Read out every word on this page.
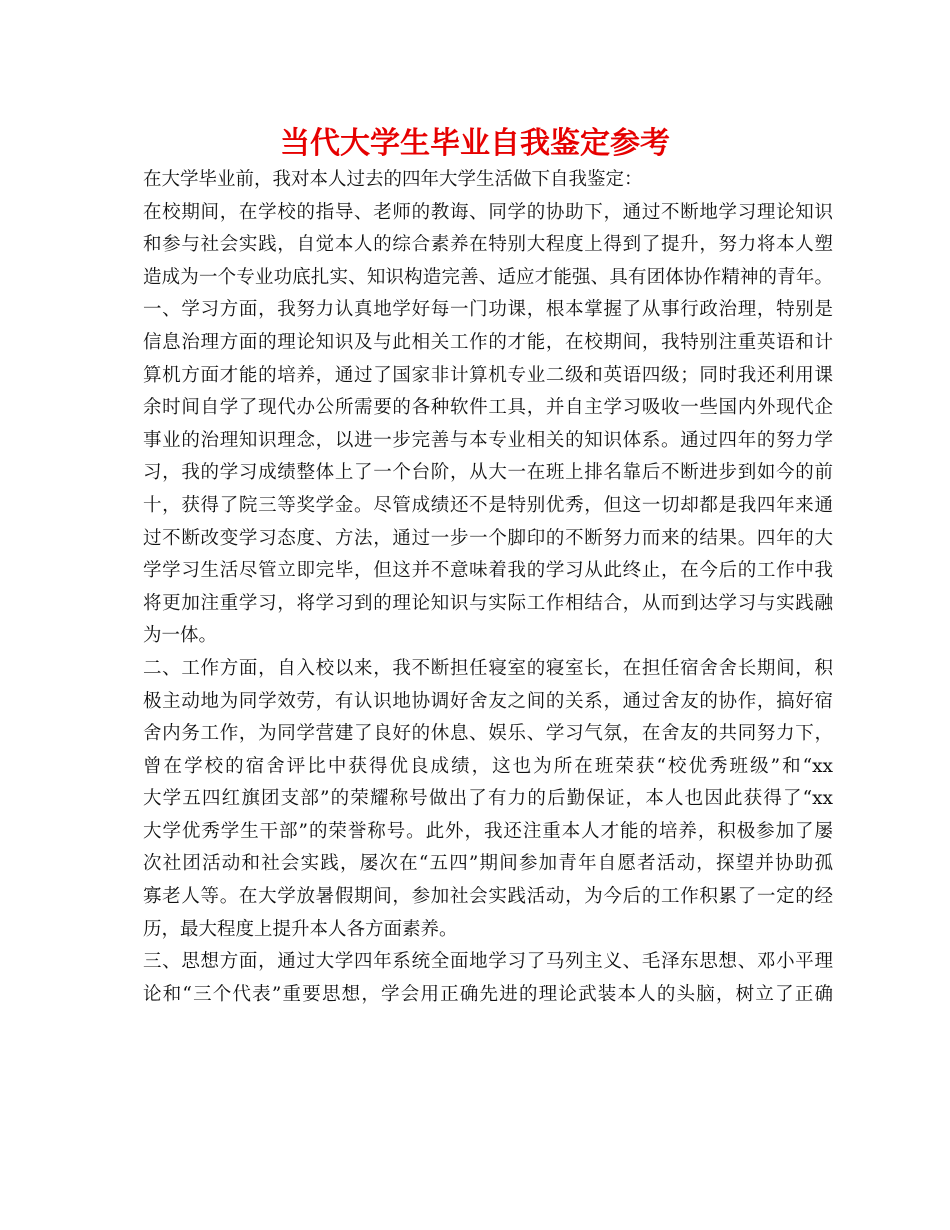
当代大学生毕业自我鉴定参考
在大学毕业前，我对本人过去的四年大学生活做下自我鉴定：
在校期间，在学校的指导、老师的教诲、同学的协助下，通过不断地学习理论知识
和参与社会实践，自觉本人的综合素养在特别大程度上得到了提升，努力将本人塑
造成为一个专业功底扎实、知识构造完善、适应才能强、具有团体协作精神的青年。
一、学习方面，我努力认真地学好每一门功课，根本掌握了从事行政治理，特别是
信息治理方面的理论知识及与此相关工作的才能，在校期间，我特别注重英语和计
算机方面才能的培养，通过了国家非计算机专业二级和英语四级；同时我还利用课
余时间自学了现代办公所需要的各种软件工具，并自主学习吸收一些国内外现代企
事业的治理知识理念，以进一步完善与本专业相关的知识体系。通过四年的努力学
习，我的学习成绩整体上了一个台阶，从大一在班上排名靠后不断进步到如今的前
十，获得了院三等奖学金。尽管成绩还不是特别优秀，但这一切却都是我四年来通
过不断改变学习态度、方法，通过一步一个脚印的不断努力而来的结果。四年的大
学学习生活尽管立即完毕，但这并不意味着我的学习从此终止，在今后的工作中我
将更加注重学习，将学习到的理论知识与实际工作相结合，从而到达学习与实践融
为一体。
二、工作方面，自入校以来，我不断担任寝室的寝室长，在担任宿舍舍长期间，积
极主动地为同学效劳，有认识地协调好舍友之间的关系，通过舍友的协作，搞好宿
舍内务工作，为同学营建了良好的休息、娱乐、学习气氛，在舍友的共同努力下，
曾在学校的宿舍评比中获得优良成绩，这也为所在班荣获“校优秀班级”和“xx
大学五四红旗团支部”的荣耀称号做出了有力的后勤保证，本人也因此获得了“xx
大学优秀学生干部”的荣誉称号。此外，我还注重本人才能的培养，积极参加了屡
次社团活动和社会实践，屡次在“五四”期间参加青年自愿者活动，探望并协助孤
寡老人等。在大学放暑假期间，参加社会实践活动，为今后的工作积累了一定的经
历，最大程度上提升本人各方面素养。
三、思想方面，通过大学四年系统全面地学习了马列主义、毛泽东思想、邓小平理
论和“三个代表”重要思想，学会用正确先进的理论武装本人的头脑，树立了正确
